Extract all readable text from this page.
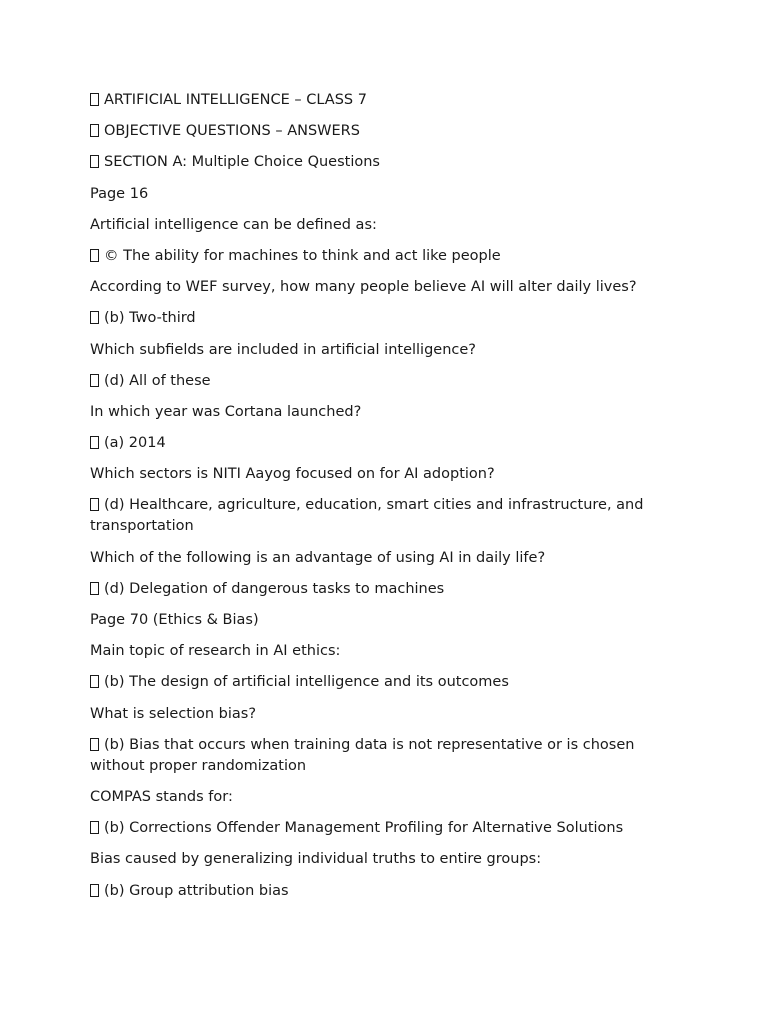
ARTIFICIAL INTELLIGENCE – CLASS 7
OBJECTIVE QUESTIONS – ANSWERS
SECTION A: Multiple Choice Questions
Page 16
Artificial intelligence can be defined as:
© The ability for machines to think and act like people
According to WEF survey, how many people believe AI will alter daily lives?
(b) Two-third
Which subfields are included in artificial intelligence?
(d) All of these
In which year was Cortana launched?
(a) 2014
Which sectors is NITI Aayog focused on for AI adoption?
(d) Healthcare, agriculture, education, smart cities and infrastructure, and transportation
Which of the following is an advantage of using AI in daily life?
(d) Delegation of dangerous tasks to machines
Page 70 (Ethics & Bias)
Main topic of research in AI ethics:
(b) The design of artificial intelligence and its outcomes
What is selection bias?
(b) Bias that occurs when training data is not representative or is chosen without proper randomization
COMPAS stands for:
(b) Corrections Offender Management Profiling for Alternative Solutions
Bias caused by generalizing individual truths to entire groups:
(b) Group attribution bias
